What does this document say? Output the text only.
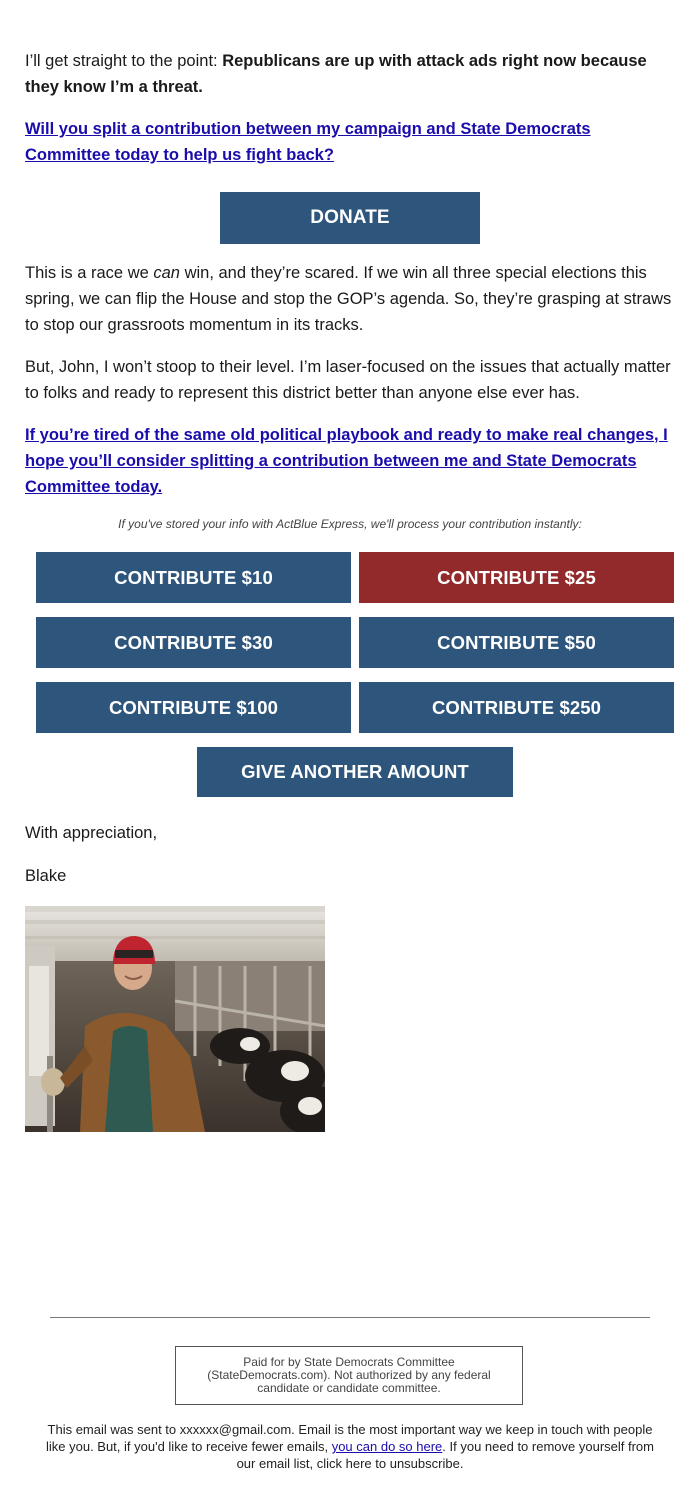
I’ll get straight to the point: Republicans are up with attack ads right now because they know I’m a threat.

Will you split a contribution between my campaign and State Democrats Committee today to help us fight back?
DONATE

This is a race we can win, and they’re scared. If we win all three special elections this spring, we can flip the House and stop the GOP’s agenda. So, they’re grasping at straws to stop our grassroots momentum in its tracks.

But, John, I won’t stoop to their level. I’m laser-focused on the issues that actually matter to folks and ready to represent this district better than anyone else ever has.

If you’re tired of the same old political playbook and ready to make real changes, I hope you’ll consider splitting a contribution between me and State Democrats Committee today.
If you've stored your info with ActBlue Express, we'll process your contribution instantly:
CONTRIBUTE $10	CONTRIBUTE $25
CONTRIBUTE $30	CONTRIBUTE $50
CONTRIBUTE $100	CONTRIBUTE $250
GIVE ANOTHER AMOUNT

With appreciation,

Blake

Paid for by State Democrats Committee (StateDemocrats.com). Not authorized by any federal candidate or candidate committee.
This email was sent to xxxxxx@gmail.com. Email is the most important way we keep in touch with people like you. But, if you'd like to receive fewer emails, you can do so here. If you need to remove yourself from our email list, click here to unsubscribe.
